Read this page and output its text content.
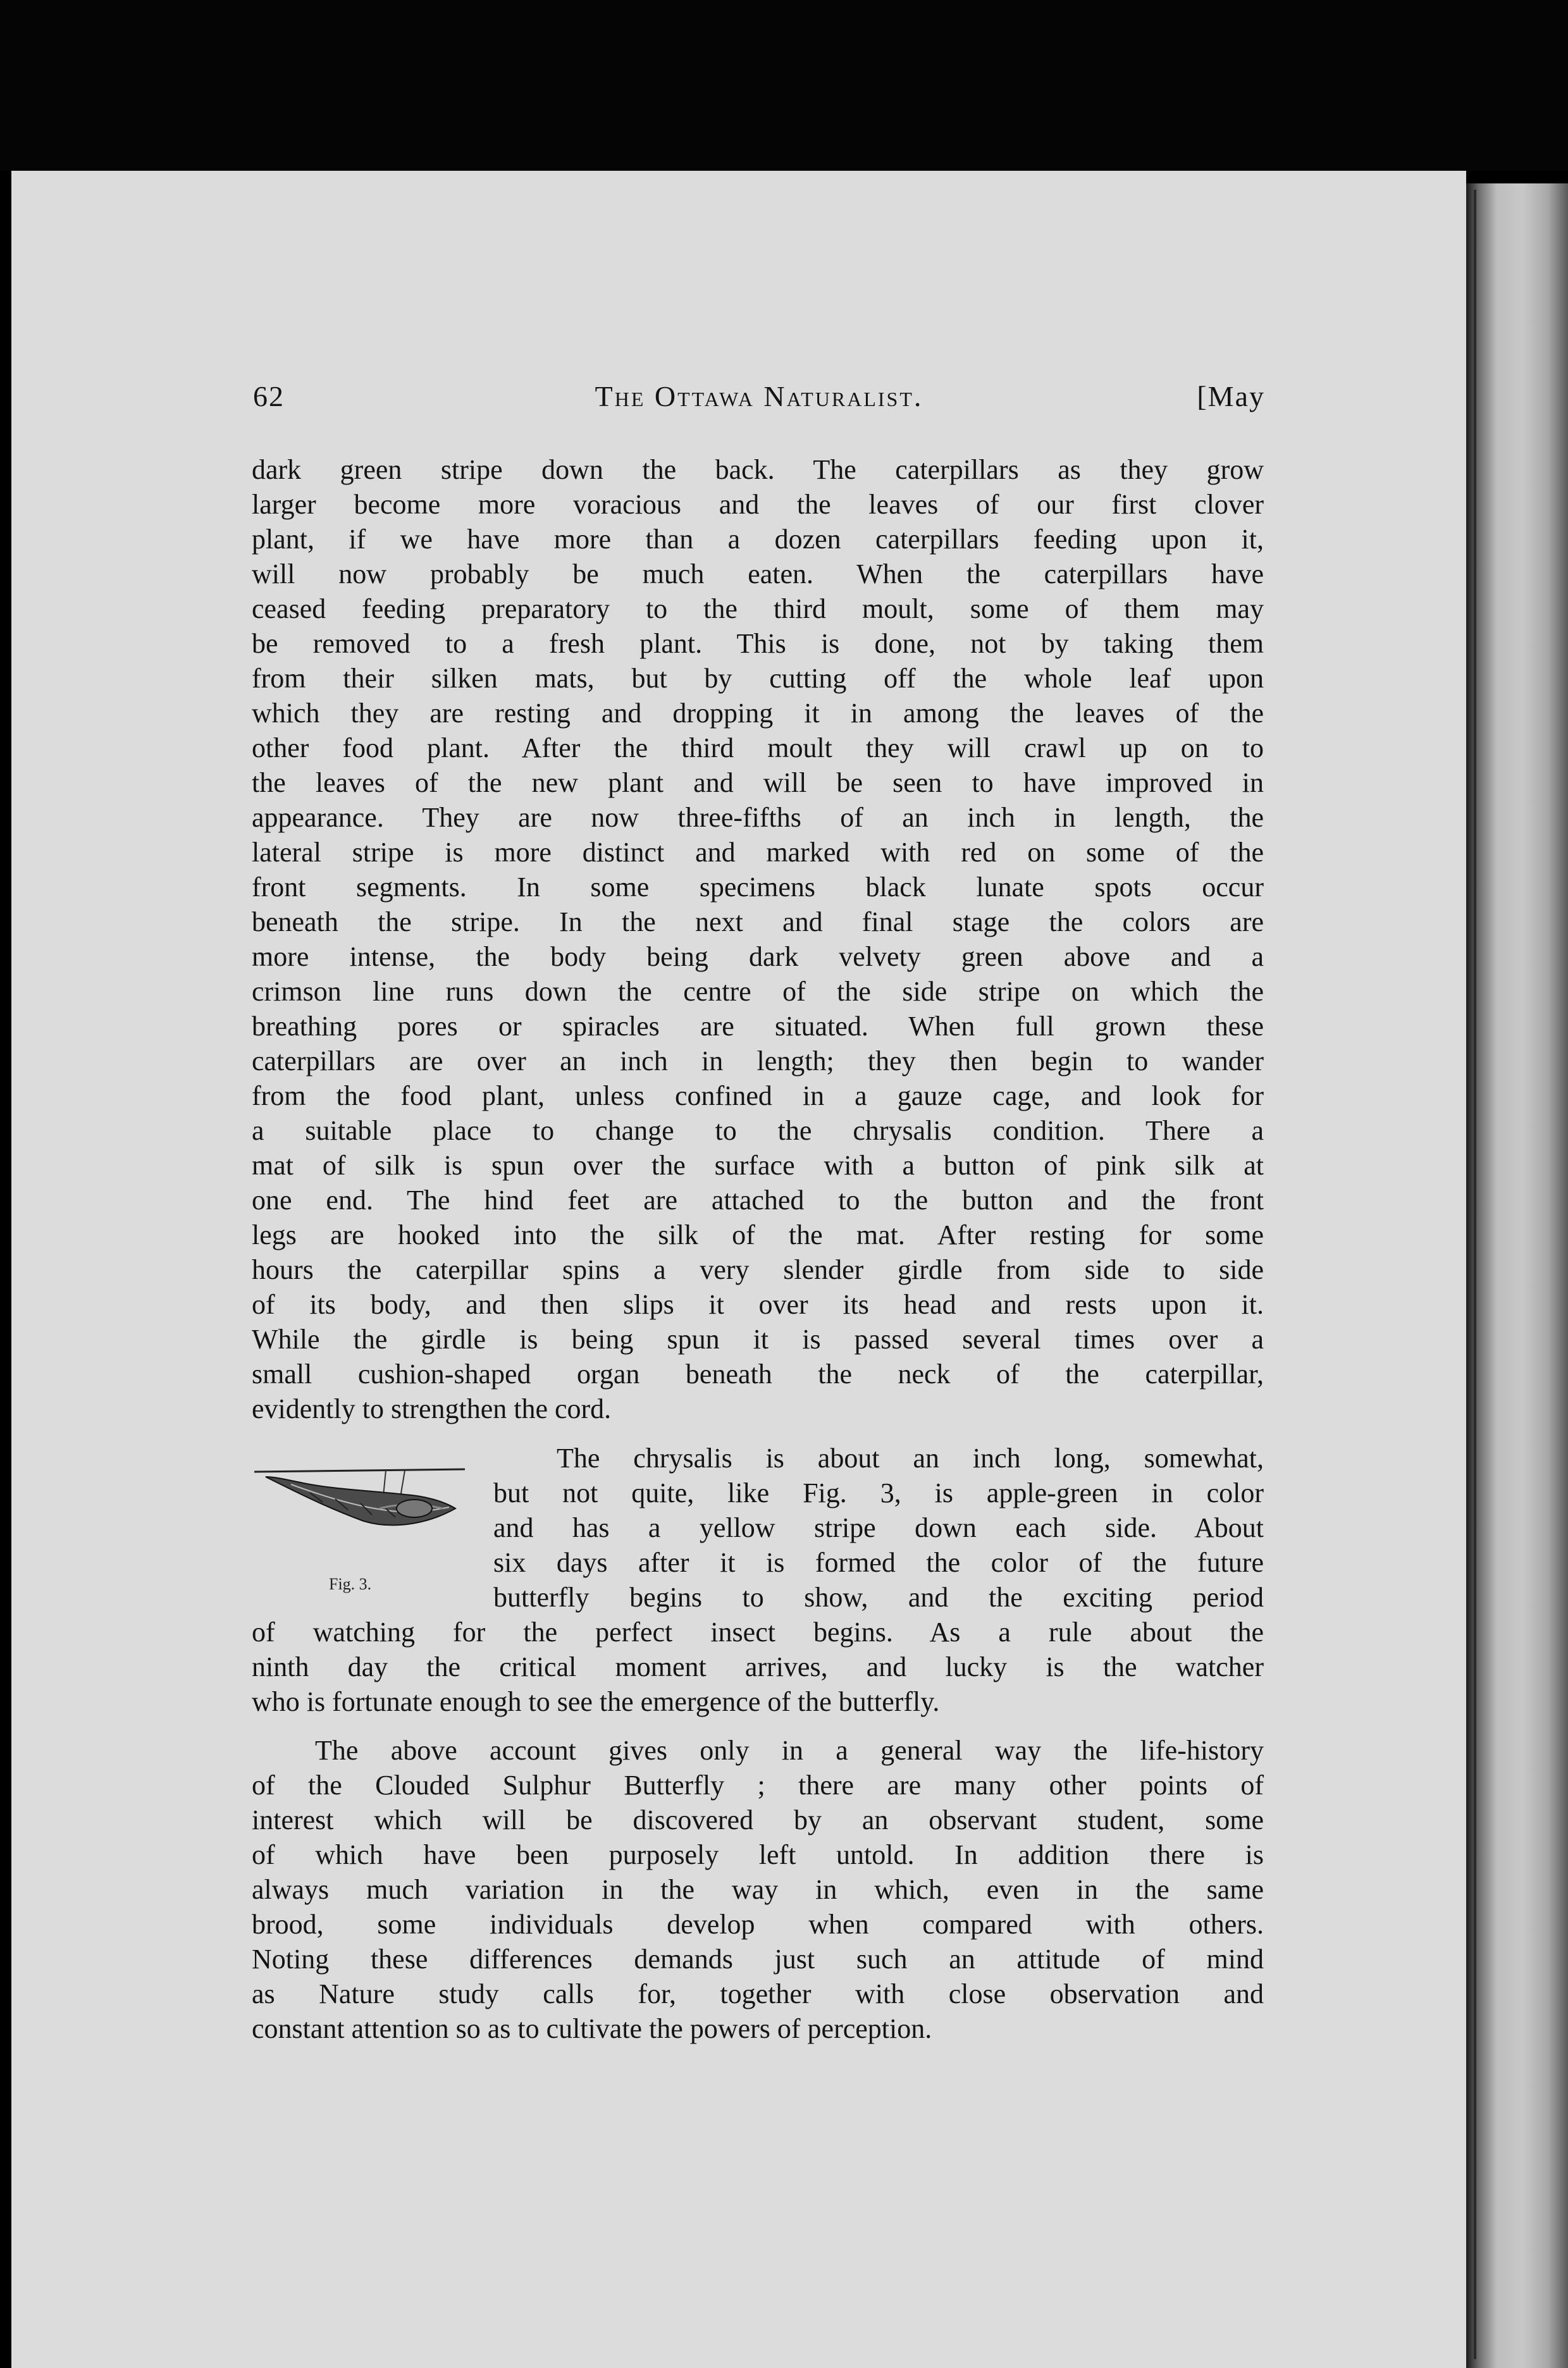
62	The Ottawa Naturalist.	[May

dark green stripe down the back. The caterpillars as they grow

larger become more voracious and the leaves of our first clover

plant, if we have more than a dozen caterpillars feeding upon it,

will now probably be much eaten. When the caterpillars have

ceased feeding preparatory to the third moult, some of them may

be removed to a fresh plant. This is done, not by taking them

from their silken mats, but by cutting off the whole leaf upon

which they are resting and dropping it in among the leaves of the

other food plant. After the third moult they will crawl up on to

the leaves of the new plant and will be seen to have improved in

appearance. They are now three-fifths of an inch in length, the

lateral stripe is more distinct and marked with red on some of the

front segments. In some specimens black lunate spots occur

beneath the stripe. In the next and final stage the colors are

more intense, the body being dark velvety green above and a

crimson line runs down the centre of the side stripe on which the

breathing pores or spiracles are situated. When full grown these

caterpillars are over an inch in length; they then begin to wander

from the food plant, unless confined in a gauze cage, and look for

a suitable place to change to the chrysalis condition. There a

mat of silk is spun over the surface with a button of pink silk at

one end. The hind feet are attached to the button and the front

legs are hooked into the silk of the mat. After resting for some

hours the caterpillar spins a very slender girdle from side to side

of its body, and then slips it over its head and rests upon it.

While the girdle is being spun it is passed several times over a

small cushion-shaped organ beneath the neck of the caterpillar,

evidently to strengthen the cord.

Fig. 3.

The chrysalis is about an inch long, somewhat,

but not quite, like Fig. 3, is apple-green in color

and has a yellow stripe down each side. About

six days after it is formed the color of the future

butterfly begins to show, and the exciting period

of watching for the perfect insect begins. As a rule about the

ninth day the critical moment arrives, and lucky is the watcher

who is fortunate enough to see the emergence of the butterfly.

The above account gives only in a general way the life-history

of the Clouded Sulphur Butterfly ; there are many other points of

interest which will be discovered by an observant student, some

of which have been purposely left untold. In addition there is

always much variation in the way in which, even in the same

brood, some individuals develop when compared with others.

Noting these differences demands just such an attitude of mind

as Nature study calls for, together with close observation and

constant attention so as to cultivate the powers of perception.
